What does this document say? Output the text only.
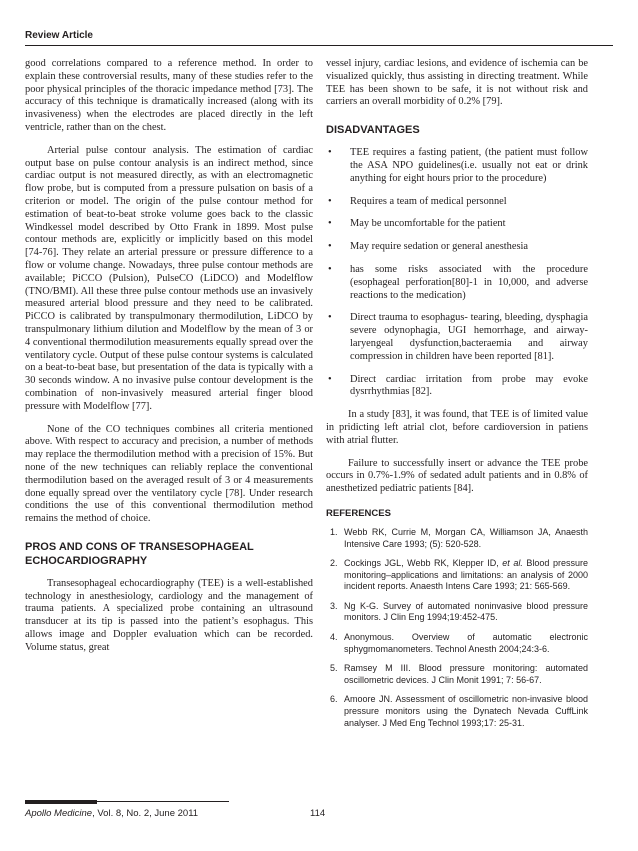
Review Article

good correlations compared to a reference method. In order to explain these controversial results, many of these studies refer to the poor physical principles of the thoracic impedance method [73]. The accuracy of this technique is dramatically increased (along with its invasiveness) when the electrodes are placed directly in the left ventricle, rather than on the chest.

Arterial pulse contour analysis. The estimation of cardiac output base on pulse contour analysis is an indirect method, since cardiac output is not measured directly, as with an electromagnetic flow probe, but is computed from a pressure pulsation on basis of a criterion or model. The origin of the pulse contour method for estimation of beat-to-beat stroke volume goes back to the classic Windkessel model described by Otto Frank in 1899. Most pulse contour methods are, explicitly or implicitly based on this model [74-76]. They relate an arterial pressure or pressure difference to a flow or volume change. Nowadays, three pulse contour methods are available; PiCCO (Pulsion), PulseCO (LiDCO) and Modelflow (TNO/BMI). All these three pulse contour methods use an invasively measured arterial blood pressure and they need to be calibrated. PiCCO is calibrated by transpulmonary thermodilution, LiDCO by transpulmonary lithium dilution and Modelflow by the mean of 3 or 4 conventional thermodilution measurements equally spread over the ventilatory cycle. Output of these pulse contour systems is calculated on a beat-to-beat base, but presentation of the data is typically with a 30 seconds window. A no invasive pulse contour development is the combination of non-invasively measured arterial finger blood pressure with Modelflow [77].

None of the CO techniques combines all criteria mentioned above. With respect to accuracy and precision, a number of methods may replace the thermodilution method with a precision of 15%. But none of the new techniques can reliably replace the conventional thermodilution based on the averaged result of 3 or 4 measurements done equally spread over the ventilatory cycle [78]. Under research conditions the use of this conventional thermodilution method remains the method of choice.

PROS AND CONS OF TRANSESOPHAGEAL ECHOCARDIOGRAPHY

Transesophageal echocardiography (TEE) is a well-established technology in anesthesiology, cardiology and the management of trauma patients. A specialized probe containing an ultrasound transducer at its tip is passed into the patient’s esophagus. This allows image and Doppler evaluation which can be recorded. Volume status, great

vessel injury, cardiac lesions, and evidence of ischemia can be visualized quickly, thus assisting in directing treatment. While TEE has been shown to be safe, it is not without risk and carriers an overall morbidity of 0.2% [79].

DISADVANTAGES
• TEE requires a fasting patient, (the patient must follow the ASA NPO guidelines(i.e. usually not eat or drink anything for eight hours prior to the procedure)
• Requires a team of medical personnel
• May be uncomfortable for the patient
• May require sedation or general anesthesia
• has some risks associated with the procedure (esophageal perforation[80]-1 in 10,000, and adverse reactions to the medication)
• Direct trauma to esophagus- tearing, bleeding, dysphagia severe odynophagia, UGI hemorrhage, and airway- laryengeal dysfunction,bacteraemia and airway compression in children have been reported [81].
• Direct cardiac irritation from probe may evoke dysrrhythmias [82].

In a study [83], it was found, that TEE is of limited value in pridicting left atrial clot, before cardioversion in patiens with atrial flutter.

Failure to successfully insert or advance the TEE probe occurs in 0.7%-1.9% of sedated adult patients and in 0.8% of anesthetized pediatric patients [84].

REFERENCES
1. Webb RK, Currie M, Morgan CA, Williamson JA, Anaesth Intensive Care 1993; (5): 520-528.
2. Cockings JGL, Webb RK, Klepper ID, et al. Blood pressure monitoring–applications and limitations: an analysis of 2000 incident reports. Anaesth Intens Care 1993; 21: 565-569.
3. Ng K-G. Survey of automated noninvasive blood pressure monitors. J Clin Eng 1994;19:452-475.
4. Anonymous. Overview of automatic electronic sphygmomanometers. Technol Anesth 2004;24:3-6.
5. Ramsey M III. Blood pressure monitoring: automated oscillometric devices. J Clin Monit 1991; 7: 56-67.
6. Amoore JN. Assessment of oscillometric non-invasive blood pressure monitors using the Dynatech Nevada CuffLink analyser. J Med Eng Technol 1993;17: 25-31.
Apollo Medicine, Vol. 8, No. 2, June 2011	114
